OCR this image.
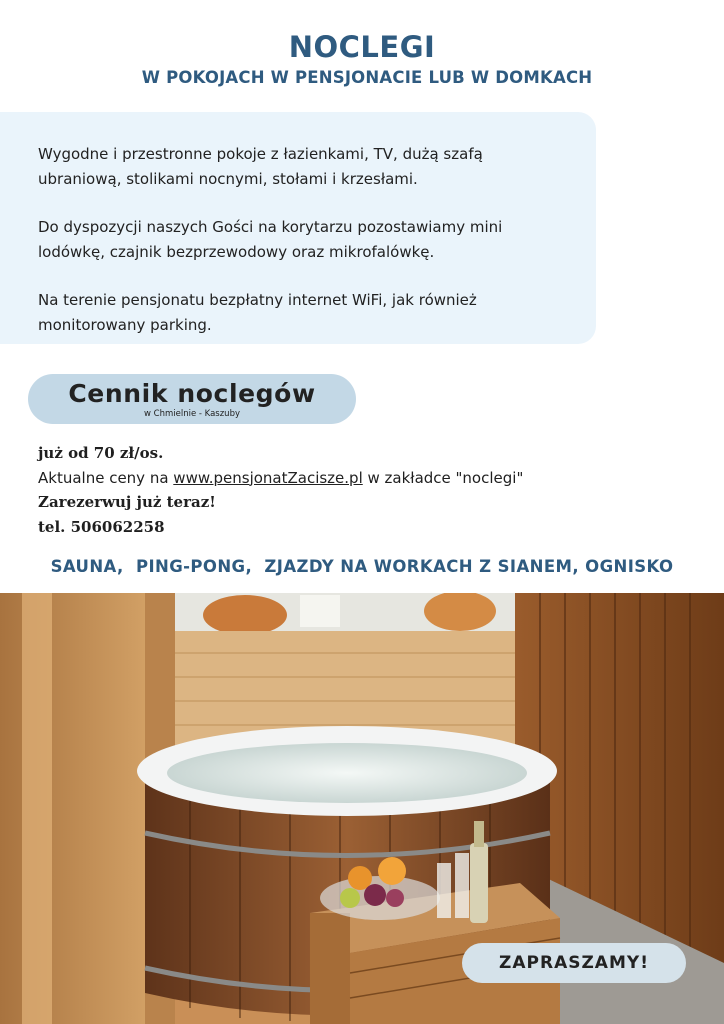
NOCLEGI
W POKOJACH W PENSJONACIE LUB W DOMKACH

Wygodne i przestronne pokoje z łazienkami, TV, dużą szafą ubraniową, stolikami nocnymi, stołami i krzesłami.

Do dyspozycji naszych Gości na korytarzu pozostawiamy mini lodówkę, czajnik bezprzewodowy oraz mikrofalówkę.

Na terenie pensjonatu bezpłatny internet WiFi, jak również monitorowany parking.

Cennik noclegów
w Chmielnie - Kaszuby
już od 70 zł/os.
Aktualne ceny na www.pensjonatZacisze.pl w zakładce "noclegi"
Zarezerwuj już teraz!
tel. 506062258
SAUNA,  PING-PONG,  ZJAZDY NA WORKACH Z SIANEM, OGNISKO
ZAPRASZAMY!
